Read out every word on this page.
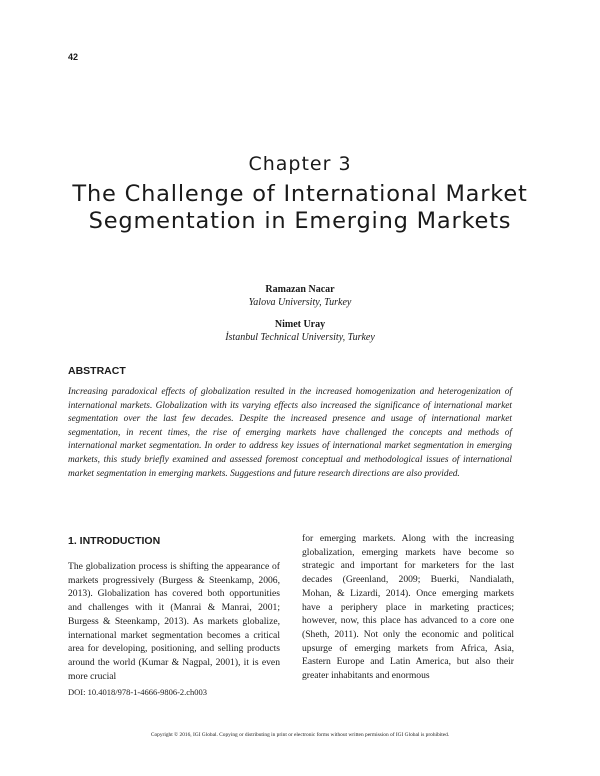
42
Chapter 3
The Challenge of International Market Segmentation in Emerging Markets
Ramazan Nacar
Yalova University, Turkey
Nimet Uray
İstanbul Technical University, Turkey
ABSTRACT

Increasing paradoxical effects of globalization resulted in the increased homogenization and heterogenization of international markets. Globalization with its varying effects also increased the significance of international market segmentation over the last few decades. Despite the increased presence and usage of international market segmentation, in recent times, the rise of emerging markets have challenged the concepts and methods of international market segmentation. In order to address key issues of international market segmentation in emerging markets, this study briefly examined and assessed foremost conceptual and methodological issues of international market segmentation in emerging markets. Suggestions and future research directions are also provided.

1. INTRODUCTION

The globalization process is shifting the appearance of markets progressively (Burgess & Steenkamp, 2006, 2013). Globalization has covered both opportunities and challenges with it (Manrai & Manrai, 2001; Burgess & Steenkamp, 2013). As markets globalize, international market segmentation becomes a critical area for developing, positioning, and selling products around the world (Kumar & Nagpal, 2001), it is even more crucial

for emerging markets. Along with the increasing globalization, emerging markets have become so strategic and important for marketers for the last decades (Greenland, 2009; Buerki, Nandialath, Mohan, & Lizardi, 2014). Once emerging markets have a periphery place in marketing practices; however, now, this place has advanced to a core one (Sheth, 2011). Not only the economic and political upsurge of emerging markets from Africa, Asia, Eastern Europe and Latin America, but also their greater inhabitants and enormous

DOI: 10.4018/978-1-4666-9806-2.ch003
Copyright © 2016, IGI Global. Copying or distributing in print or electronic forms without written permission of IGI Global is prohibited.
